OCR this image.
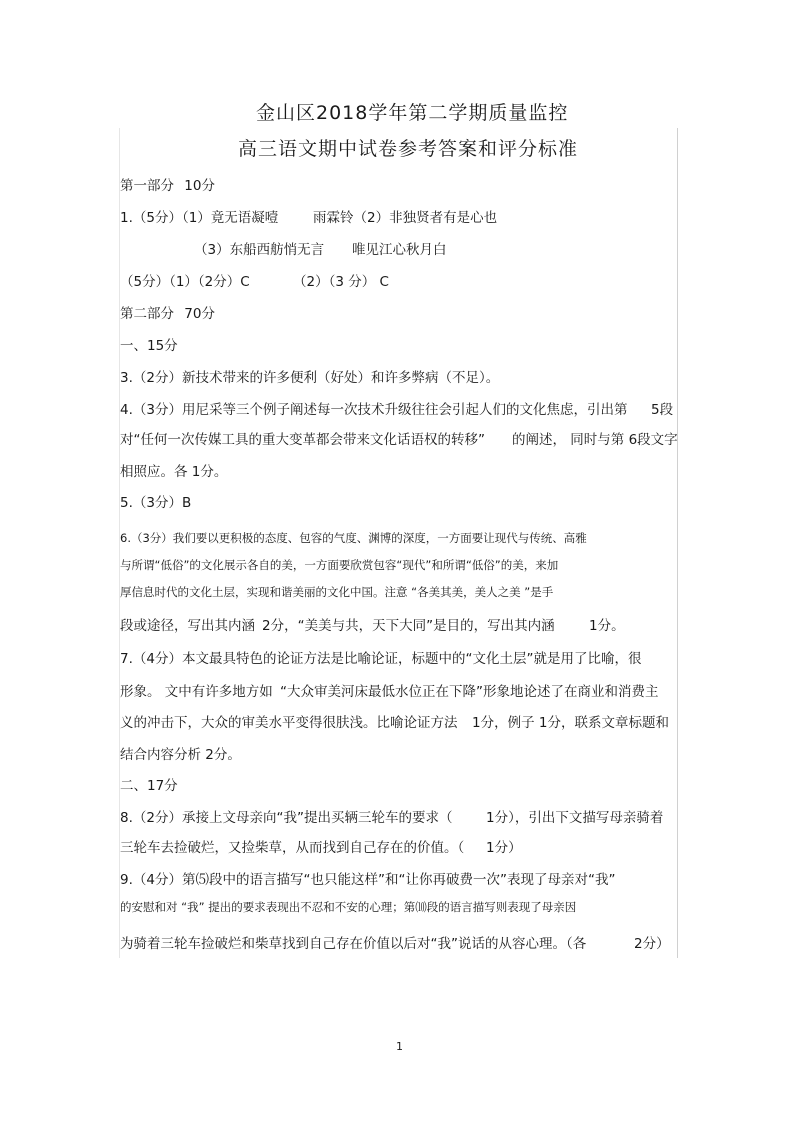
金山区2018学年第二学期质量监控
高三语文期中试卷参考答案和评分标准
第一部分 10分
1.（5分）（1）竟无语凝噎	雨霖铃（2）非独贤者有是心也
（3）东船西舫悄无言 唯见江心秋月白
（5分）（1）（2分）C	（2）（3 分） C
第二部分 70分
一、15分
3.（2分）新技术带来的许多便利（好处）和许多弊病（不足）。
4.（3分）用尼采等三个例子阐述每一次技术升级往往会引起人们的文化焦虑，引出第 5段
对“任何一次传媒工具的重大变革都会带来文化话语权的转移” 的阐述， 同时与第 6段文字
相照应。各 1分。
5.（3分）B
6.（3分）我们要以更积极的态度、包容的气度、渊博的深度，一方面要让现代与传统、高雅
与所谓“低俗”的文化展示各自的美，一方面要欣赏包容“现代”和所谓“低俗”的美，来加
厚信息时代的文化土层，实现和谐美丽的文化中国。注意 “各美其美，美人之美 ”是手
段或途径，写出其内涵 2分，“美美与共，天下大同”是目的，写出其内涵	1分。
7.（4分）本文最具特色的论证方法是比喻论证，标题中的“文化土层”就是用了比喻，很
形象。 文中有许多地方如 “大众审美河床最低水位正在下降”形象地论述了在商业和消费主
义的冲击下，大众的审美水平变得很肤浅。比喻论证方法 1分，例子 1分，联系文章标题和
结合内容分析 2分。
二、17分
8.（2分）承接上文母亲向“我”提出买辆三轮车的要求（ 1分），引出下文描写母亲骑着
三轮车去捡破烂，又捡柴草，从而找到自己存在的价值。（ 1分）
9.（4分）第⑸段中的语言描写“也只能这样”和“让你再破费一次”表现了母亲对“我”
的安慰和对 “我” 提出的要求表现出不忍和不安的心理；第⑽段的语言描写则表现了母亲因
为骑着三轮车捡破烂和柴草找到自己存在价值以后对“我”说话的从容心理。（各	2分）
1
